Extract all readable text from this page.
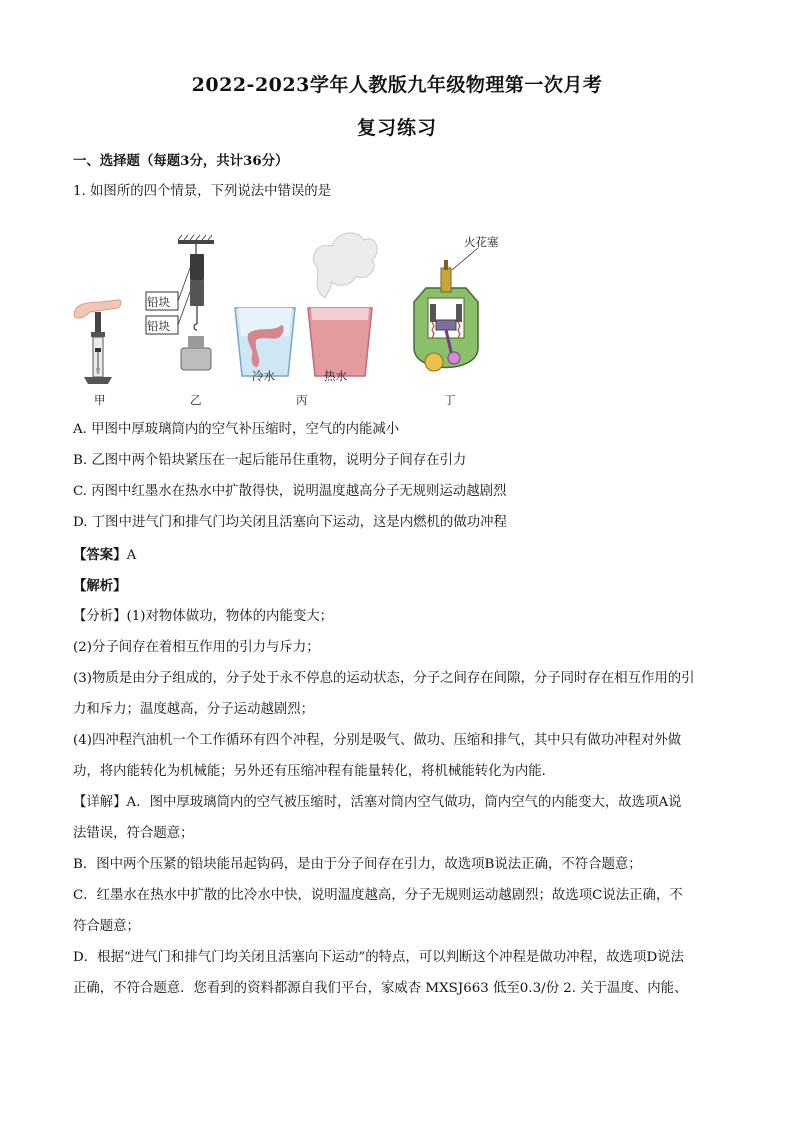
2022-2023学年人教版九年级物理第一次月考
复习练习
一、选择题（每题3分，共计36分）
1. 如图所的四个情景，下列说法中错误的是
铅块
铅块
冷水	热水
火花塞
甲	乙	丙	丁
A. 甲图中厚玻璃筒内的空气补压缩时，空气的内能减小
B. 乙图中两个铅块紧压在一起后能吊住重物，说明分子间存在引力
C. 丙图中红墨水在热水中扩散得快，说明温度越高分子无规则运动越剧烈
D. 丁图中进气门和排气门均关闭且活塞向下运动，这是内燃机的做功冲程
【答案】A
【解析】
【分析】(1)对物体做功，物体的内能变大；
(2)分子间存在着相互作用的引力与斥力；
(3)物质是由分子组成的，分子处于永不停息的运动状态，分子之间存在间隙，分子同时存在相互作用的引
力和斥力；温度越高，分子运动越剧烈；
(4)四冲程汽油机一个工作循环有四个冲程，分别是吸气、做功、压缩和排气，其中只有做功冲程对外做
功，将内能转化为机械能；另外还有压缩冲程有能量转化，将机械能转化为内能．
【详解】A．图中厚玻璃筒内的空气被压缩时，活塞对筒内空气做功，筒内空气的内能变大，故选项A说
法错误，符合题意；
B．图中两个压紧的铅块能吊起钩码，是由于分子间存在引力，故选项B说法正确，不符合题意；
C．红墨水在热水中扩散的比冷水中快，说明温度越高，分子无规则运动越剧烈；故选项C说法正确，不
符合题意；
D．根据“进气门和排气门均关闭且活塞向下运动”的特点，可以判断这个冲程是做功冲程，故选项D说法
正确，不符合题意．您看到的资料都源自我们平台，家威杏 MXSJ663 低至0.3/份 2. 关于温度、内能、
